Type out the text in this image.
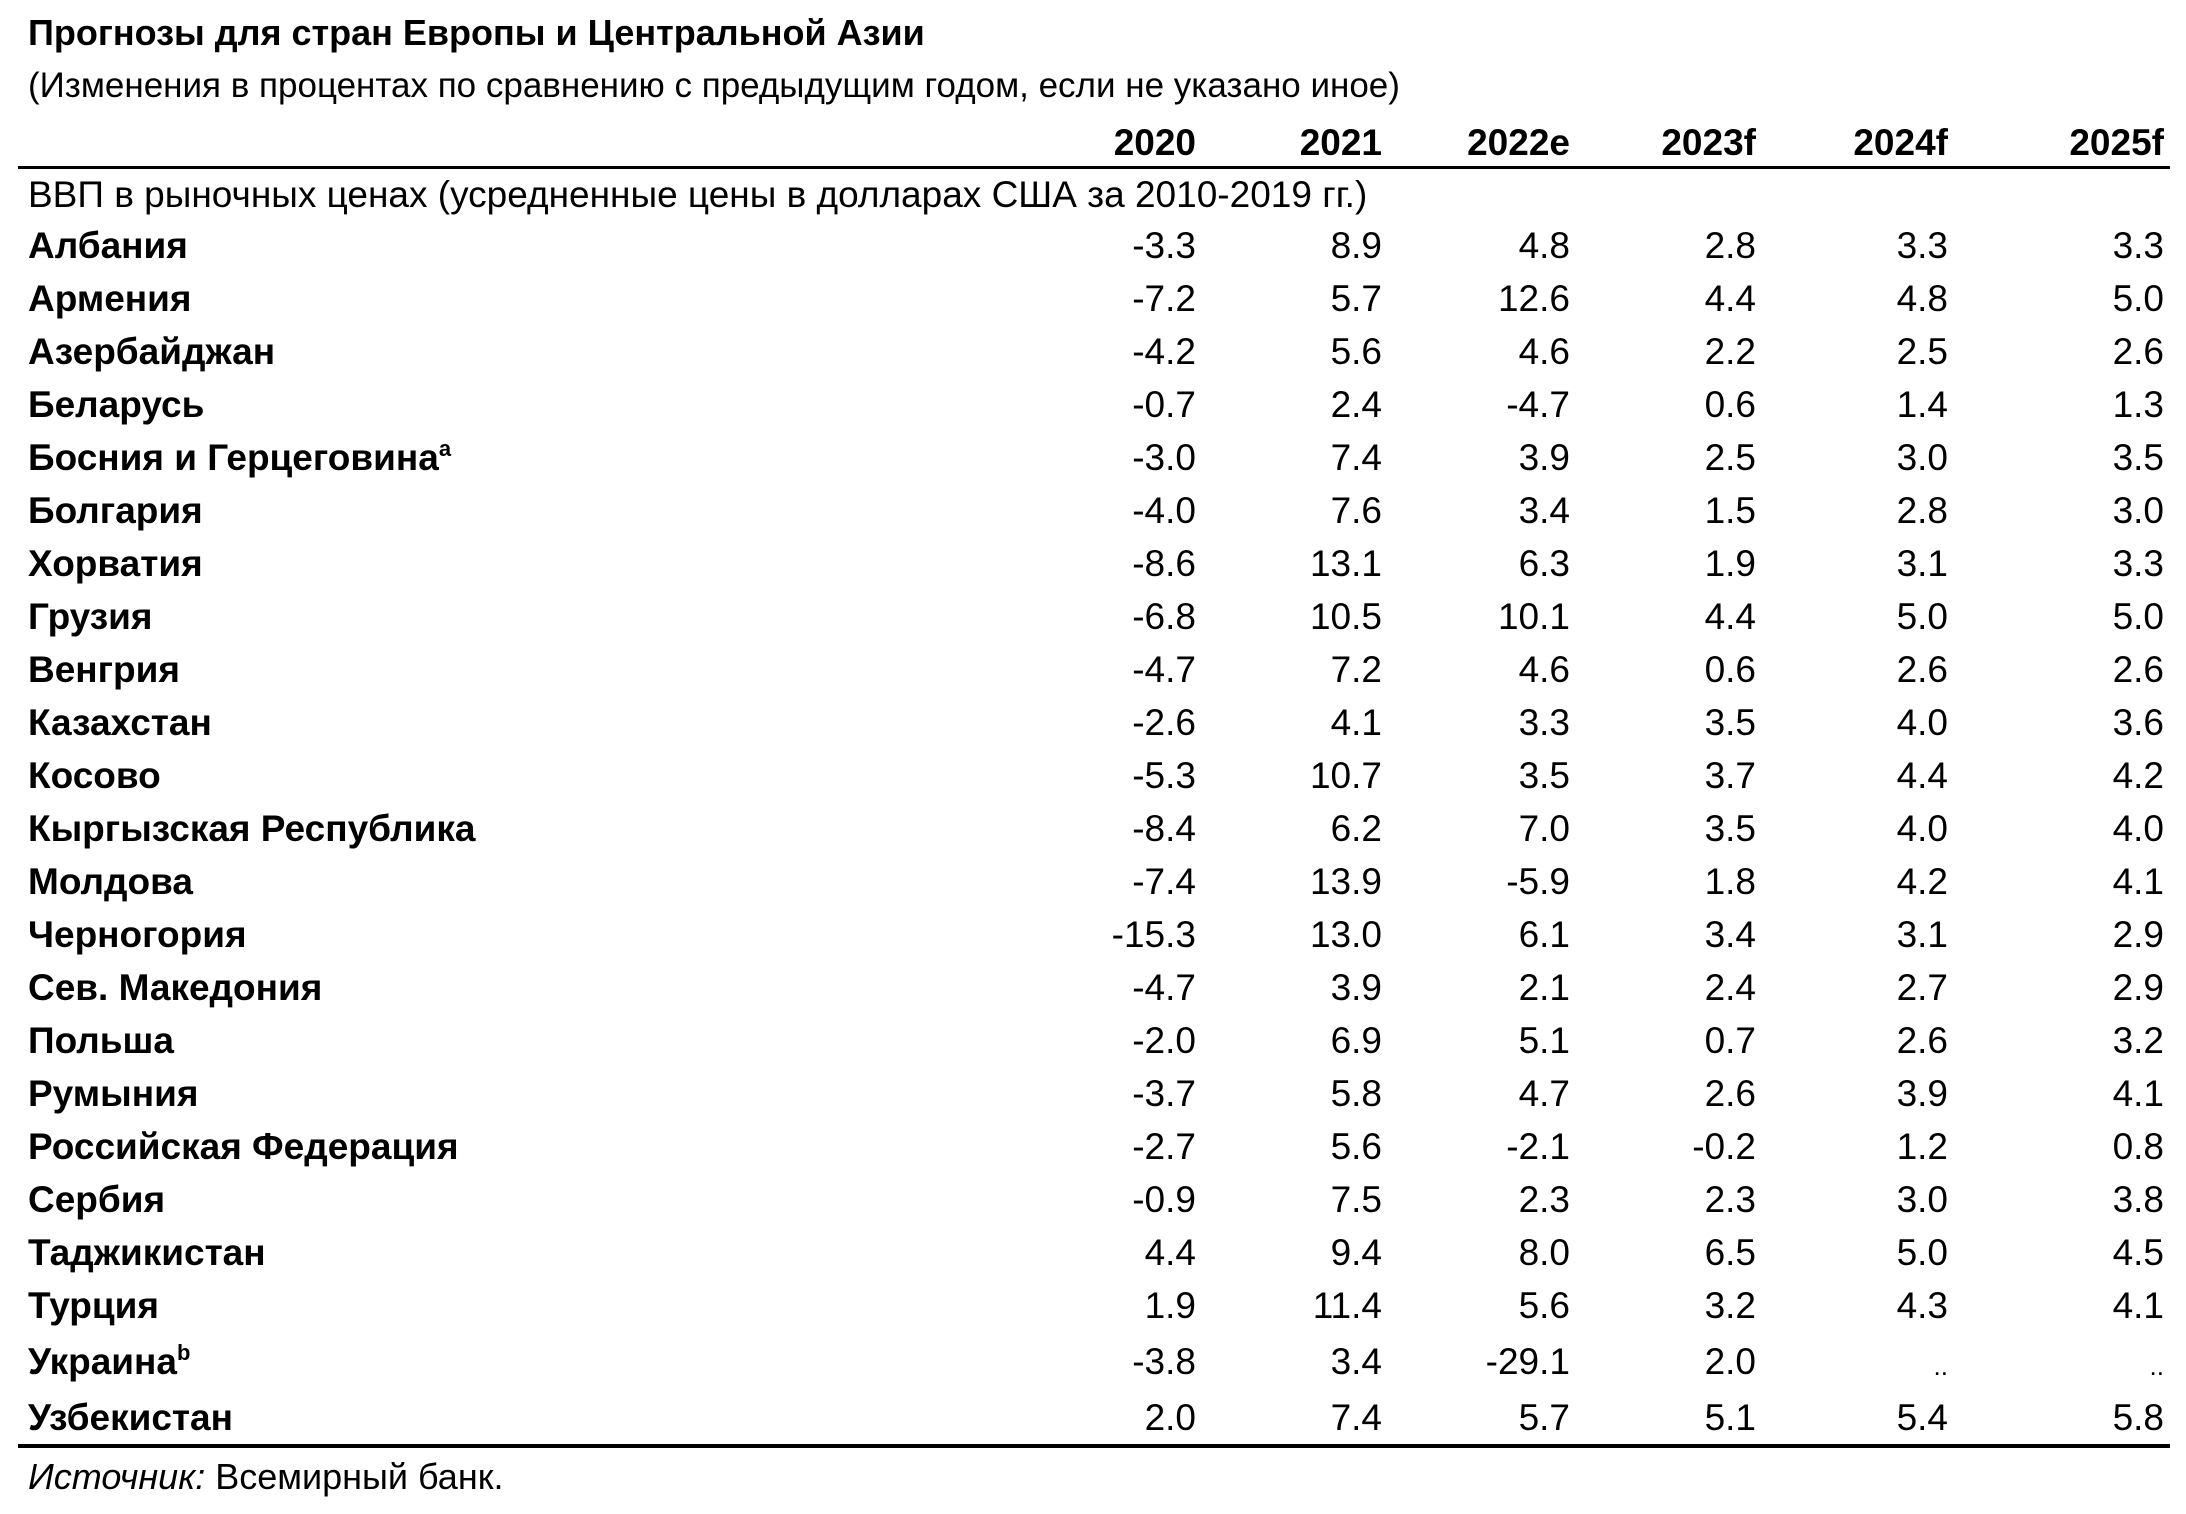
Прогнозы для стран Европы и Центральной Азии
(Изменения в процентах по сравнению с предыдущим годом, если не указано иное)
	2020	2021	2022e	2023f	2024f	2025f
ВВП в рыночных ценах (усредненные цены в долларах США за 2010-2019 гг.)						
Албания	-3.3	8.9	4.8	2.8	3.3	3.3
Армения	-7.2	5.7	12.6	4.4	4.8	5.0
Азербайджан	-4.2	5.6	4.6	2.2	2.5	2.6
Беларусь	-0.7	2.4	-4.7	0.6	1.4	1.3
Босния и Герцеговина$^a$	-3.0	7.4	3.9	2.5	3.0	3.5
Болгария	-4.0	7.6	3.4	1.5	2.8	3.0
Хорватия	-8.6	13.1	6.3	1.9	3.1	3.3
Грузия	-6.8	10.5	10.1	4.4	5.0	5.0
Венгрия	-4.7	7.2	4.6	0.6	2.6	2.6
Казахстан	-2.6	4.1	3.3	3.5	4.0	3.6
Косово	-5.3	10.7	3.5	3.7	4.4	4.2
Кыргызская Республика	-8.4	6.2	7.0	3.5	4.0	4.0
Молдова	-7.4	13.9	-5.9	1.8	4.2	4.1
Черногория	-15.3	13.0	6.1	3.4	3.1	2.9
Сев. Македония	-4.7	3.9	2.1	2.4	2.7	2.9
Польша	-2.0	6.9	5.1	0.7	2.6	3.2
Румыния	-3.7	5.8	4.7	2.6	3.9	4.1
Российская Федерация	-2.7	5.6	-2.1	-0.2	1.2	0.8
Сербия	-0.9	7.5	2.3	2.3	3.0	3.8
Таджикистан	4.4	9.4	8.0	6.5	5.0	4.5
Турция	1.9	11.4	5.6	3.2	4.3	4.1
Украина$^b$	-3.8	3.4	-29.1	2.0	..	..
Узбекистан	2.0	7.4	5.7	5.1	5.4	5.8
Источник: Всемирный банк.
